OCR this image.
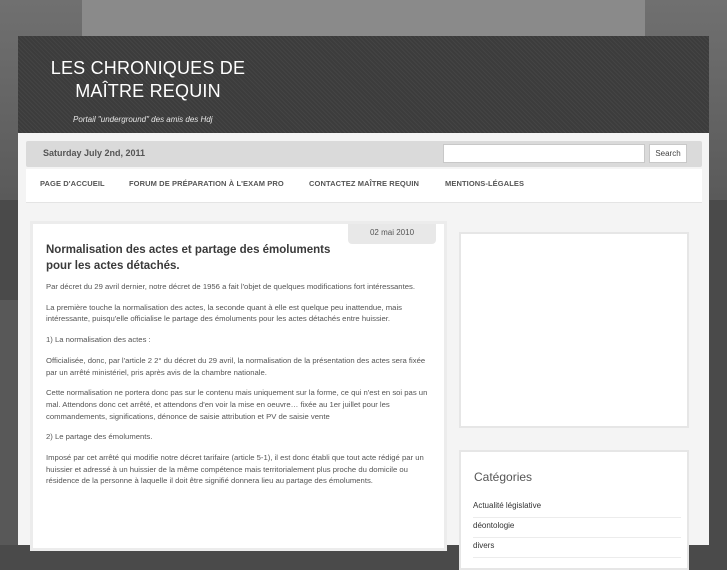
LES CHRONIQUES DE MAÎTRE REQUIN
Portail "underground" des amis des Hdj
Saturday July 2nd, 2011	Search
PAGE D'ACCUEIL	FORUM DE PRÉPARATION À L'EXAM PRO	CONTACTEZ MAÎTRE REQUIN	MENTIONS-LÉGALES
02 mai 2010
Normalisation des actes et partage des émoluments pour les actes détachés.

Par décret du 29 avril dernier, notre décret de 1956 a fait l'objet de quelques modifications fort intéressantes.

La première touche la normalisation des actes, la seconde quant à elle est quelque peu inattendue, mais intéressante, puisqu'elle officialise le partage des émoluments pour les actes détachés entre huissier.

1) La normalisation des actes :

Officialisée, donc, par l'article 2 2° du décret du 29 avril, la normalisation de la présentation des actes sera fixée par un arrêté ministériel, pris après avis de la chambre nationale.

Cette normalisation ne portera donc pas sur le contenu mais uniquement sur la forme, ce qui n'est en soi pas un mal. Attendons donc cet arrêté, et attendons d'en voir la mise en oeuvre… fixée au 1er juillet pour les commandements, significations, dénonce de saisie attribution et PV de saisie vente

2) Le partage des émoluments.

Imposé par cet arrêté qui modifie notre décret tarifaire (article 5-1), il est donc établi que tout acte rédigé par un huissier et adressé à un huissier de la même compétence mais territorialement plus proche du domicile ou résidence de la personne à laquelle il doit être signifié donnera lieu au partage des émoluments.	Catégories
Actualité législative
déontologie
divers
